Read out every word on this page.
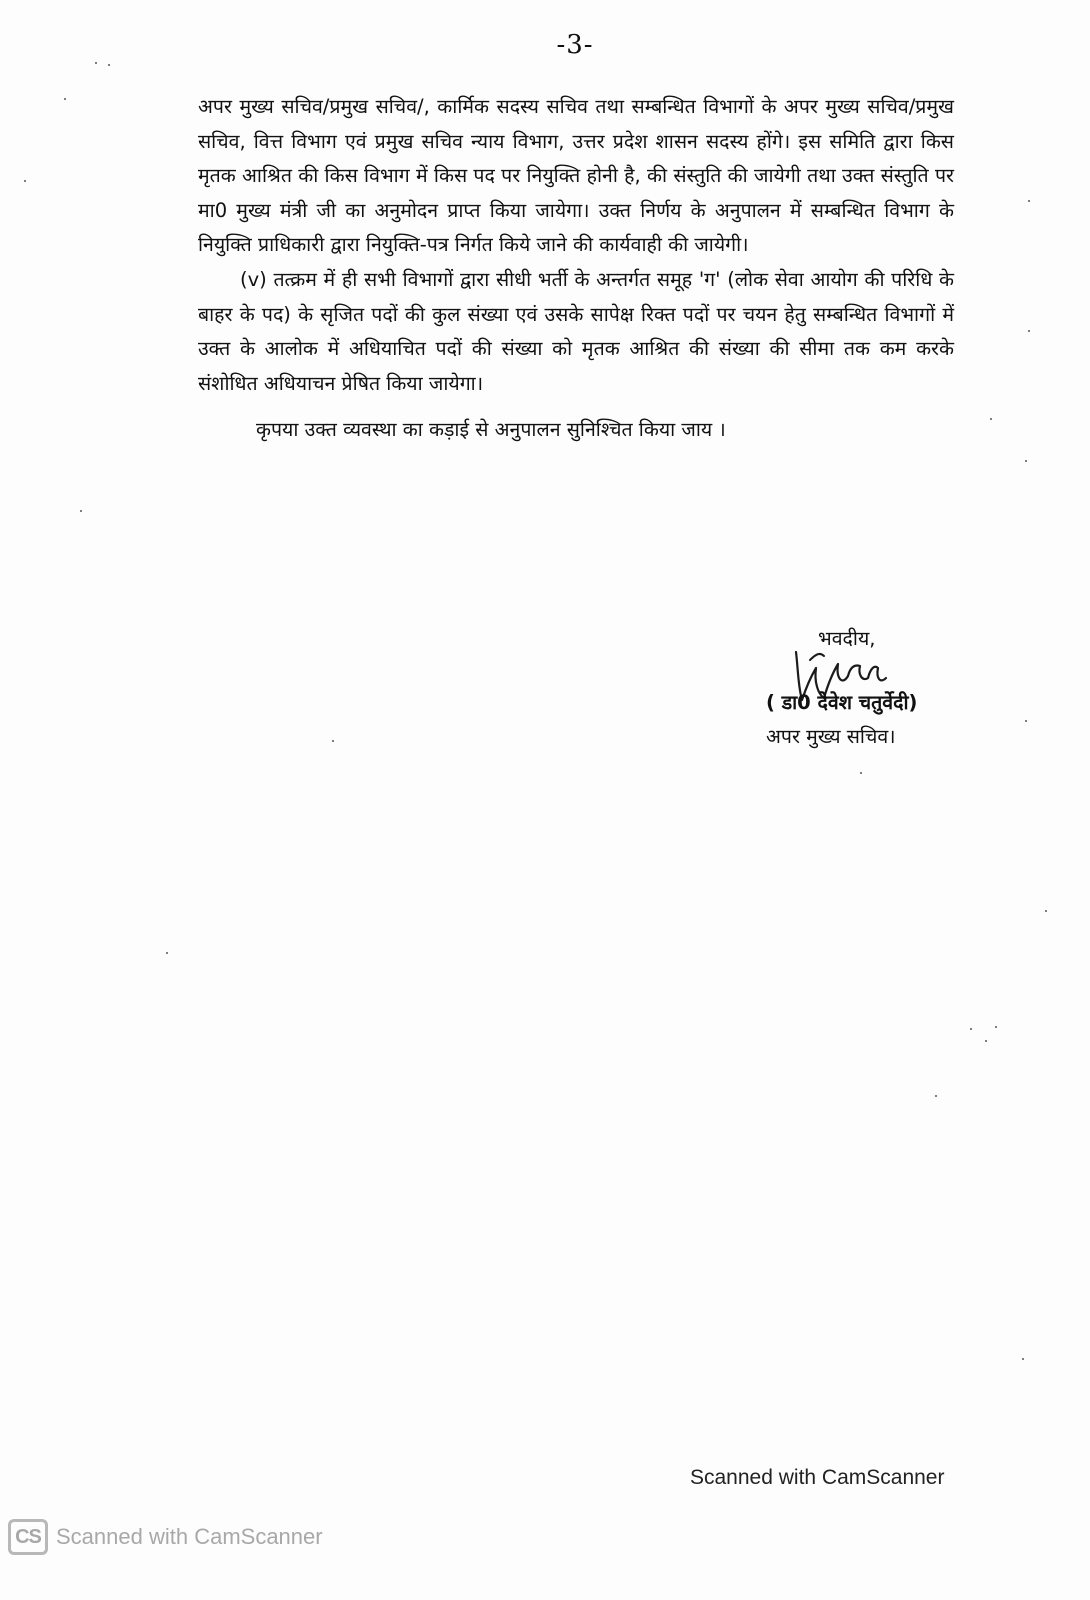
-3-

अपर मुख्य सचिव/प्रमुख सचिव/, कार्मिक सदस्य सचिव तथा सम्बन्धित विभागों के अपर मुख्य सचिव/प्रमुख सचिव, वित्त विभाग एवं प्रमुख सचिव न्याय विभाग, उत्तर प्रदेश शासन सदस्य होंगे। इस समिति द्वारा किस मृतक आश्रित की किस विभाग में किस पद पर नियुक्ति होनी है, की संस्तुति की जायेगी तथा उक्त संस्तुति पर मा0 मुख्य मंत्री जी का अनुमोदन प्राप्त किया जायेगा। उक्त निर्णय के अनुपालन में सम्बन्धित विभाग के नियुक्ति प्राधिकारी द्वारा नियुक्ति-पत्र निर्गत किये जाने की कार्यवाही की जायेगी।

(v) तत्क्रम में ही सभी विभागों द्वारा सीधी भर्ती के अन्तर्गत समूह 'ग' (लोक सेवा आयोग की परिधि के बाहर के पद) के सृजित पदों की कुल संख्या एवं उसके सापेक्ष रिक्त पदों पर चयन हेतु सम्बन्धित विभागों में उक्त के आलोक में अधियाचित पदों की संख्या को मृतक आश्रित की संख्या की सीमा तक कम करके संशोधित अधियाचन प्रेषित किया जायेगा।

कृपया उक्त व्यवस्था का कड़ाई से अनुपालन सुनिश्चित किया जाय ।

भवदीय,
( डा0 देवेश चतुर्वेदी)
अपर मुख्य सचिव।
Scanned with CamScanner
CS Scanned with CamScanner
